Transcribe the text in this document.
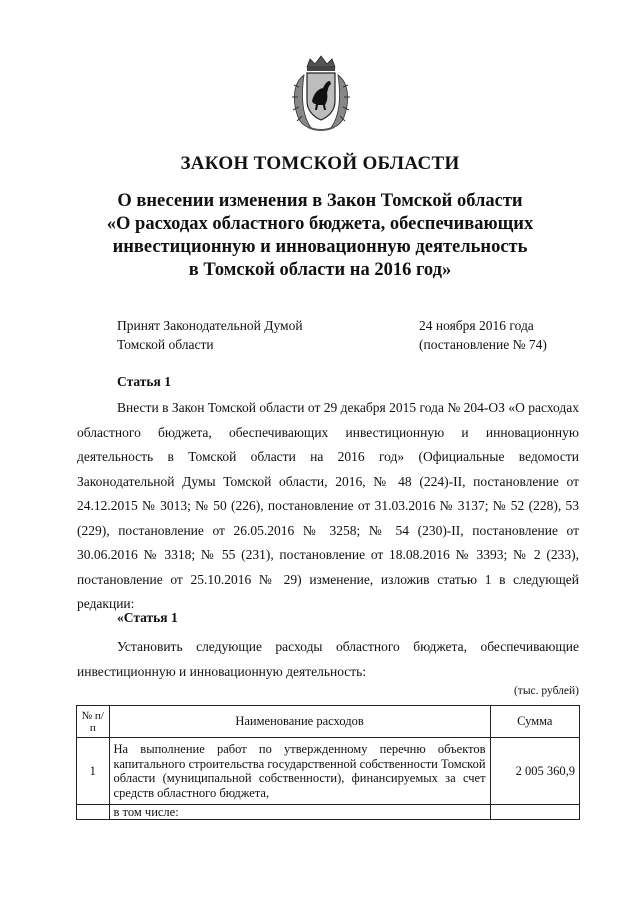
ЗАКОН ТОМСКОЙ ОБЛАСТИ
О внесении изменения в Закон Томской области
«О расходах областного бюджета, обеспечивающих
инвестиционную и инновационную деятельность
в Томской области на 2016 год»
Принят Законодательной Думой
Томской области
24 ноября 2016 года
(постановление № 74)
Статья 1

Внести в Закон Томской области от 29 декабря 2015 года № 204-ОЗ «О расходах областного бюджета, обеспечивающих инвестиционную и инновационную деятельность в Томской области на 2016 год» (Официальные ведомости Законодательной Думы Томской области, 2016, № 48 (224)-II, постановление от 24.12.2015 № 3013; № 50 (226), постановление от 31.03.2016 № 3137; № 52 (228), 53 (229), постановление от 26.05.2016 № 3258; № 54 (230)-II, постановление от 30.06.2016 № 3318; № 55 (231), постановление от 18.08.2016 № 3393; № 2 (233), постановление от 25.10.2016 № 29) изменение, изложив статью 1 в следующей редакции:

«Статья 1

Установить следующие расходы областного бюджета, обеспечивающие инвестиционную и инновационную деятельность:

(тыс. рублей)
№ п/п	Наименование расходов	Сумма
1	На выполнение работ по утвержденному перечню объектов капитального строительства государственной собственности Томской области (муниципальной собственности), финансируемых за счет средств областного бюджета,	2 005 360,9
	в том числе:	
